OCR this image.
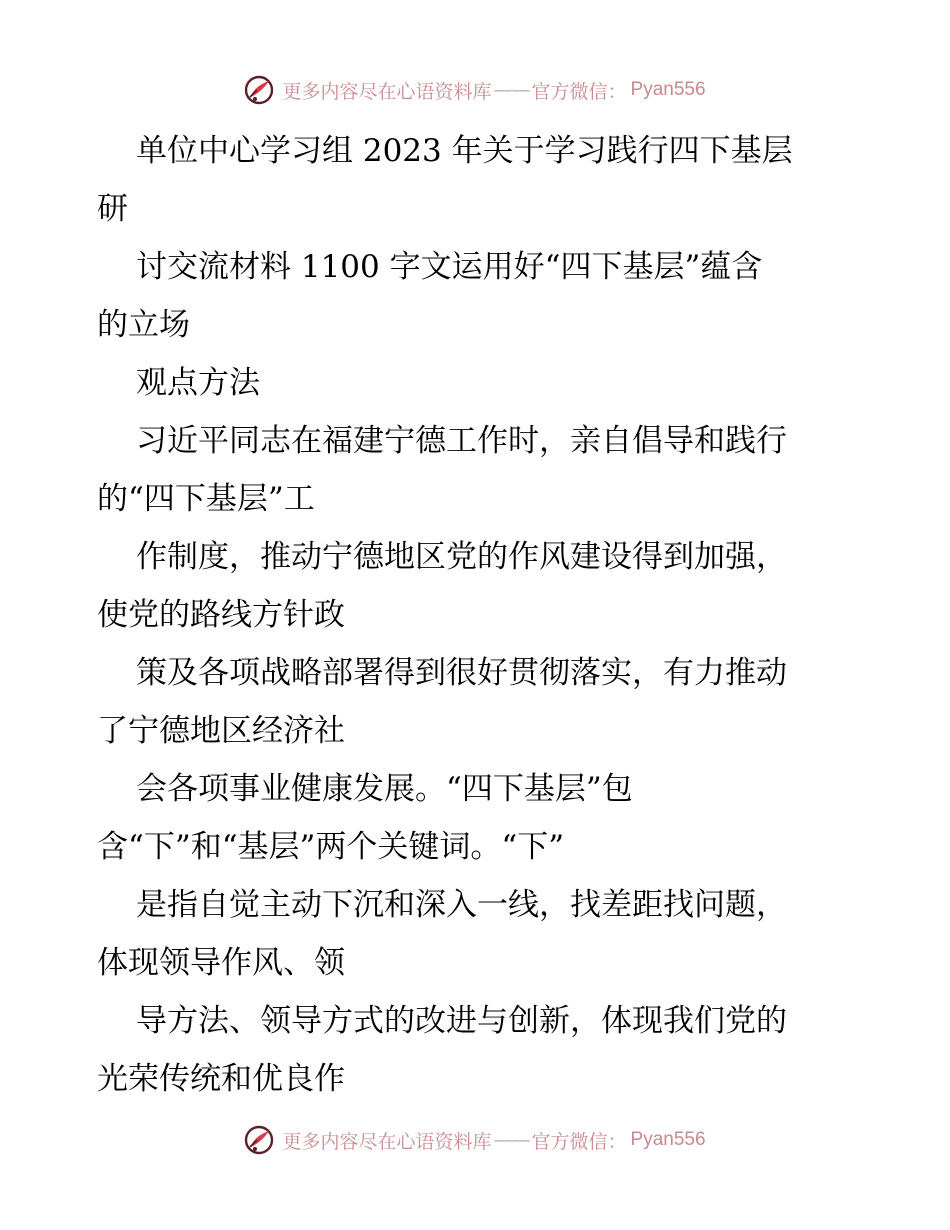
更多内容尽在心语资料库 —— 官方微信 ： Pyan556
单位中心学习组 2023 年关于学习践行四下基层
研
讨交流材料 1100 字文运用好“四下基层”蕴含
的立场
观点方法
习近平同志在福建宁德工作时，亲自倡导和践行
的“四下基层”工
作制度，推动宁德地区党的作风建设得到加强，
使党的路线方针政
策及各项战略部署得到很好贯彻落实，有力推动
了宁德地区经济社
会各项事业健康发展。“四下基层”包
含“下”和“基层”两个关键词。“下”
是指自觉主动下沉和深入一线，找差距找问题，
体现领导作风、领
导方法、领导方式的改进与创新，体现我们党的
光荣传统和优良作
更多内容尽在心语资料库 —— 官方微信 ： Pyan556
